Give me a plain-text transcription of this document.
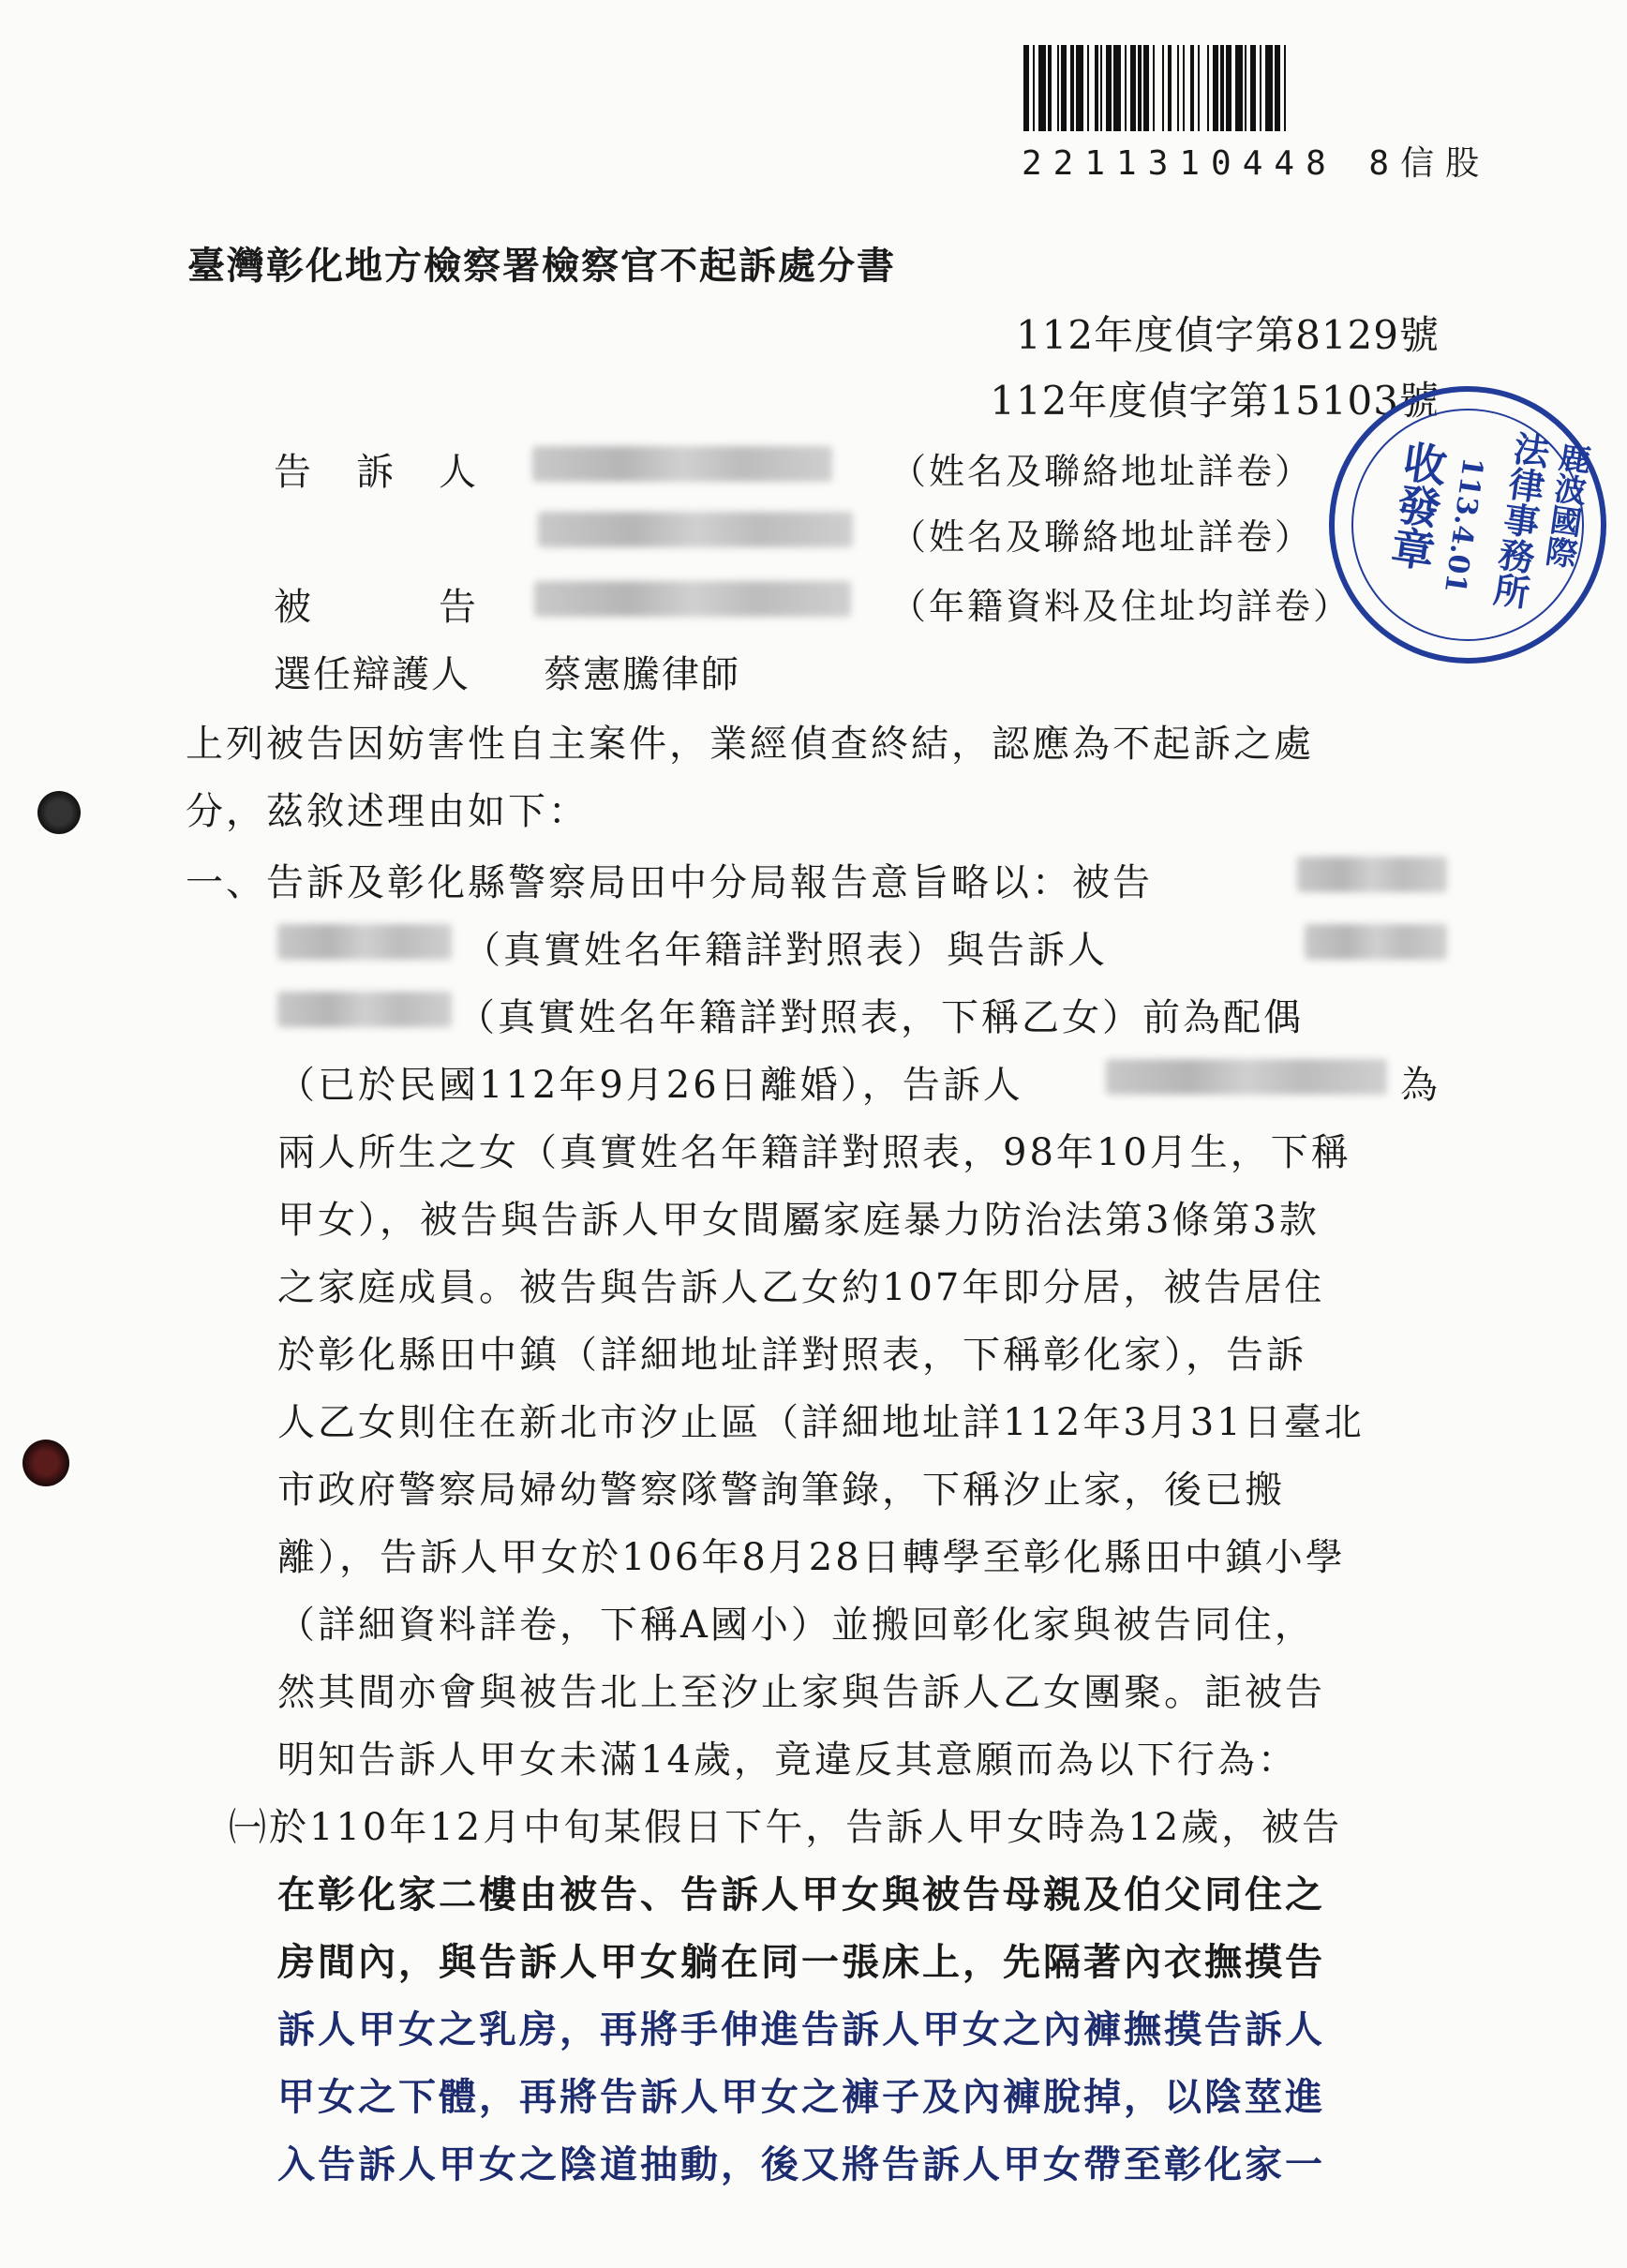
2211310448 8信股
臺灣彰化地方檢察署檢察官不起訴處分書
112年度偵字第8129號
112年度偵字第15103號
告　訴　人	（姓名及聯絡地址詳卷）
（姓名及聯絡地址詳卷）
被　　　告	（年籍資料及住址均詳卷）
選任辯護人 蔡憲騰律師
鹿波國際
法律事務所
113.4.01
收發章
上列被告因妨害性自主案件，業經偵查終結，認應為不起訴之處
分，茲敘述理由如下：
一、告訴及彰化縣警察局田中分局報告意旨略以：被告
（真實姓名年籍詳對照表）與告訴人
（真實姓名年籍詳對照表，下稱乙女）前為配偶
（已於民國112年9月26日離婚），告訴人	為
兩人所生之女（真實姓名年籍詳對照表，98年10月生，下稱
甲女），被告與告訴人甲女間屬家庭暴力防治法第3條第3款
之家庭成員。被告與告訴人乙女約107年即分居，被告居住
於彰化縣田中鎮（詳細地址詳對照表，下稱彰化家），告訴
人乙女則住在新北市汐止區（詳細地址詳112年3月31日臺北
市政府警察局婦幼警察隊警詢筆錄，下稱汐止家，後已搬
離），告訴人甲女於106年8月28日轉學至彰化縣田中鎮小學
（詳細資料詳卷，下稱A國小）並搬回彰化家與被告同住，
然其間亦會與被告北上至汐止家與告訴人乙女團聚。詎被告
明知告訴人甲女未滿14歲，竟違反其意願而為以下行為：
㈠於110年12月中旬某假日下午，告訴人甲女時為12歲，被告
在彰化家二樓由被告、告訴人甲女與被告母親及伯父同住之
房間內，與告訴人甲女躺在同一張床上，先隔著內衣撫摸告
訴人甲女之乳房，再將手伸進告訴人甲女之內褲撫摸告訴人
甲女之下體，再將告訴人甲女之褲子及內褲脫掉，以陰莖進
入告訴人甲女之陰道抽動，後又將告訴人甲女帶至彰化家一
